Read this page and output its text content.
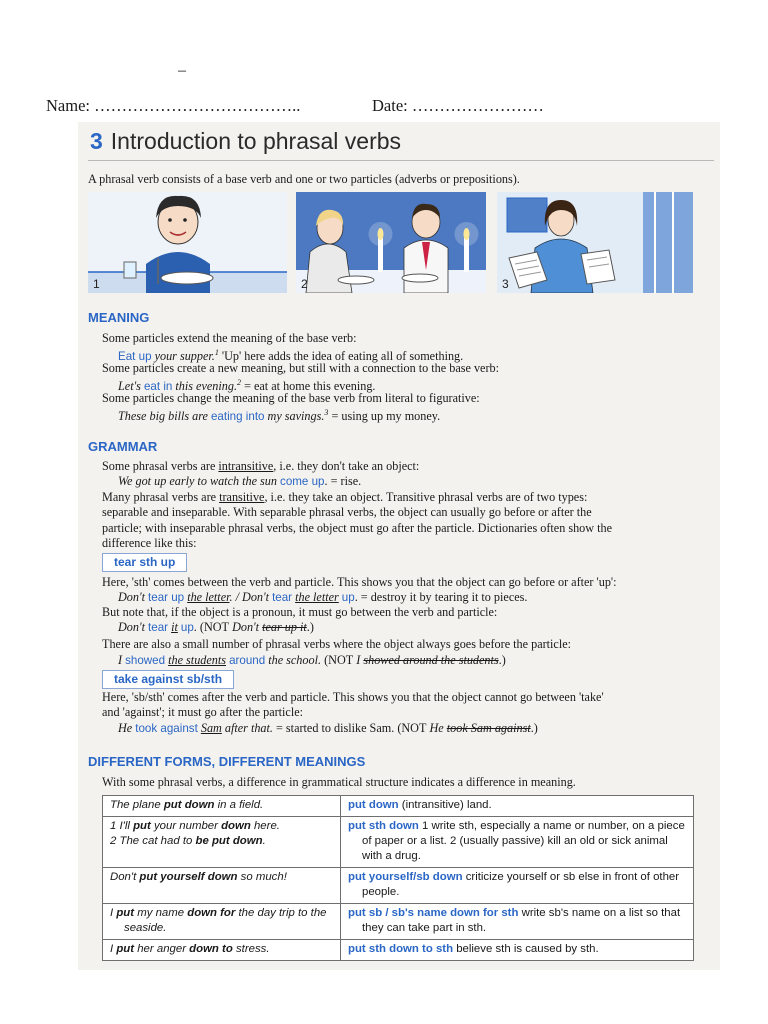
–
Name: ………………………………..	Date: ……………………
3 Introduction to phrasal verbs
A phrasal verb consists of a base verb and one or two particles (adverbs or prepositions).
1	2	3
MEANING
Some particles extend the meaning of the base verb:
Eat up your supper.$^1$ 'Up' here adds the idea of eating all of something.
Some particles create a new meaning, but still with a connection to the base verb:
Let's eat in this evening.$^2$ = eat at home this evening.
Some particles change the meaning of the base verb from literal to figurative:
These big bills are eating into my savings.$^3$ = using up my money.
GRAMMAR
Some phrasal verbs are intransitive, i.e. they don't take an object:
We got up early to watch the sun come up. = rise.
Many phrasal verbs are transitive, i.e. they take an object. Transitive phrasal verbs are of two types:
separable and inseparable. With separable phrasal verbs, the object can usually go before or after the
particle; with inseparable phrasal verbs, the object must go after the particle. Dictionaries often show the
difference like this:
tear sth up
Here, 'sth' comes between the verb and particle. This shows you that the object can go before or after 'up':
Don't tear up the letter. / Don't tear the letter up. = destroy it by tearing it to pieces.
But note that, if the object is a pronoun, it must go between the verb and particle:
Don't tear it up. (NOT Don't tear up it.)
There are also a small number of phrasal verbs where the object always goes before the particle:
I showed the students around the school. (NOT I showed around the students.)
take against sb/sth
Here, 'sb/sth' comes after the verb and particle. This shows you that the object cannot go between 'take'
and 'against'; it must go after the particle:
He took against Sam after that. = started to dislike Sam. (NOT He took Sam against.)
DIFFERENT FORMS, DIFFERENT MEANINGS
With some phrasal verbs, a difference in grammatical structure indicates a difference in meaning.
The plane put down in a field.	put down (intransitive) land.

1 I'll put your number down here.
2 The cat had to be put down.	put sth down 1 write sth, especially a name or number, on a piece of paper or a list. 2 (usually passive) kill an old or sick animal with a drug.

Don't put yourself down so much!	put yourself/sb down criticize yourself or sb else in front of other people.

I put my name down for the day trip to the seaside.	put sb / sb's name down for sth write sb's name on a list so that they can take part in sth.

I put her anger down to stress.	put sth down to sth believe sth is caused by sth.
